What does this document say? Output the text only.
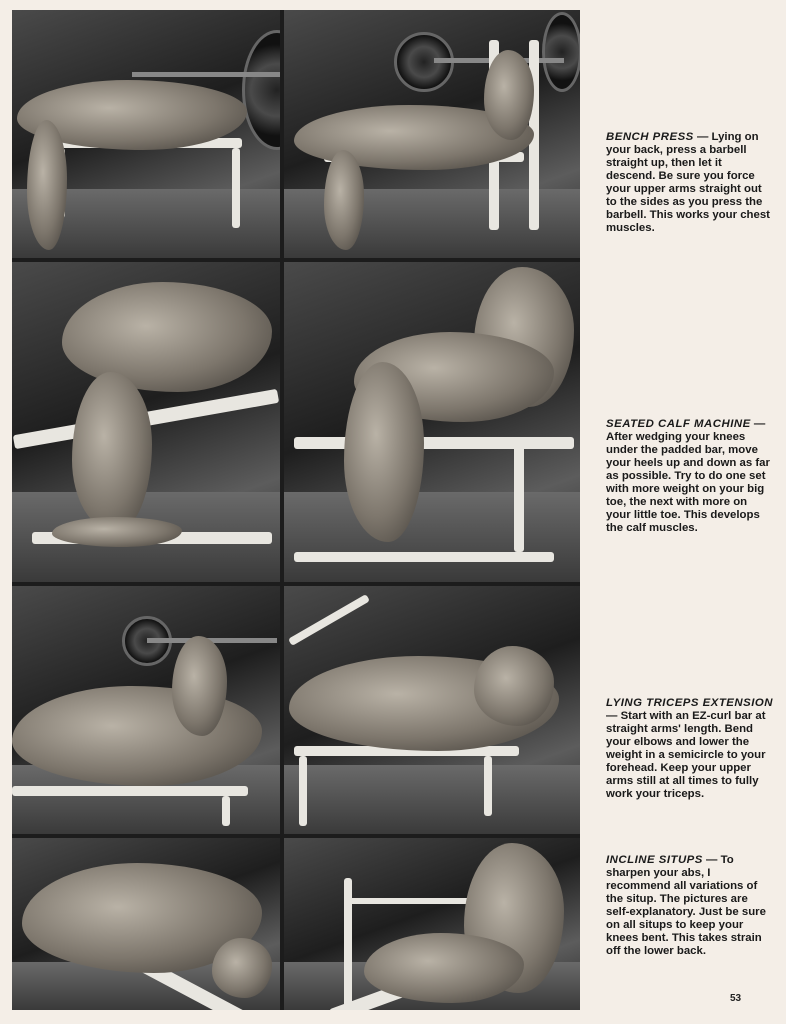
BENCH PRESS — Lying on your back, press a barbell straight up, then let it descend. Be sure you force your upper arms straight out to the sides as you press the barbell. This works your chest muscles.
SEATED CALF MACHINE — After wedging your knees under the padded bar, move your heels up and down as far as possible. Try to do one set with more weight on your big toe, the next with more on your little toe. This develops the calf muscles.
LYING TRICEPS EXTENSION — Start with an EZ-curl bar at straight arms' length. Bend your elbows and lower the weight in a semicircle to your forehead. Keep your upper arms still at all times to fully work your triceps.
INCLINE SITUPS — To sharpen your abs, I recommend all variations of the situp. The pictures are self-explanatory. Just be sure on all situps to keep your knees bent. This takes strain off the lower back.
53
